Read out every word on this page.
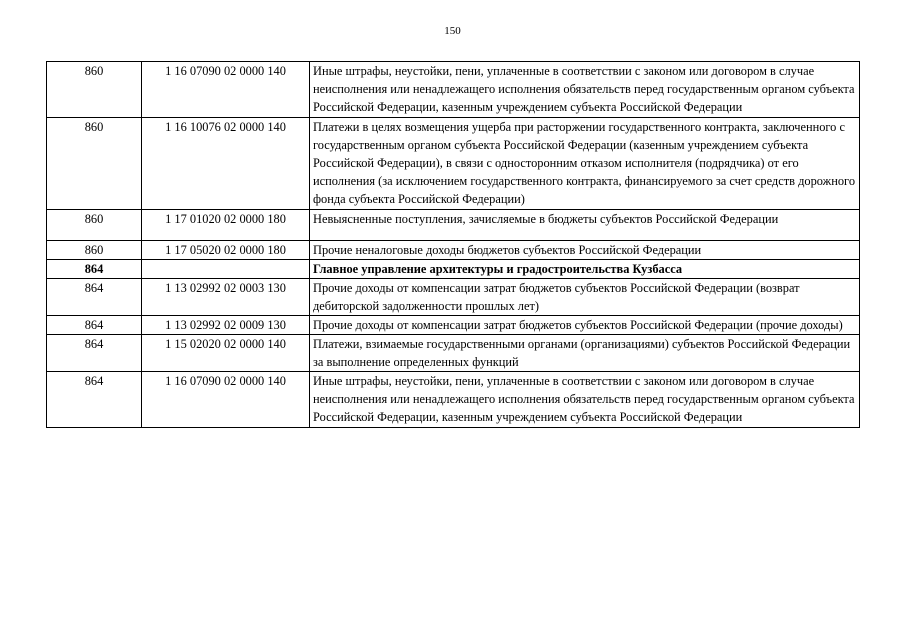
150
860	1 16 07090 02 0000 140	Иные штрафы, неустойки, пени, уплаченные в соответствии с законом или договором в случае неисполнения или ненадлежащего исполнения обязательств перед государственным органом субъекта Российской Федерации, казенным учреждением субъекта Российской Федерации
860	1 16 10076 02 0000 140	Платежи в целях возмещения ущерба при расторжении государственного контракта, заключенного с государственным органом субъекта Российской Федерации (казенным учреждением субъекта Российской Федерации), в связи с односторонним отказом исполнителя (подрядчика) от его исполнения (за исключением государственного контракта, финансируемого за счет средств дорожного фонда субъекта Российской Федерации)
860	1 17 01020 02 0000 180	Невыясненные поступления, зачисляемые в бюджеты субъектов Российской Федерации
860	1 17 05020 02 0000 180	Прочие неналоговые доходы бюджетов субъектов Российской Федерации
864		Главное управление архитектуры и градостроительства Кузбасса
864	1 13 02992 02 0003 130	Прочие доходы от компенсации затрат бюджетов субъектов Российской Федерации (возврат дебиторской задолженности прошлых лет)
864	1 13 02992 02 0009 130	Прочие доходы от компенсации затрат бюджетов субъектов Российской Федерации (прочие доходы)
864	1 15 02020 02 0000 140	Платежи, взимаемые государственными органами (организациями) субъектов Российской Федерации за выполнение определенных функций
864	1 16 07090 02 0000 140	Иные штрафы, неустойки, пени, уплаченные в соответствии с законом или договором в случае неисполнения или ненадлежащего исполнения обязательств перед государственным органом субъекта Российской Федерации, казенным учреждением субъекта Российской Федерации
